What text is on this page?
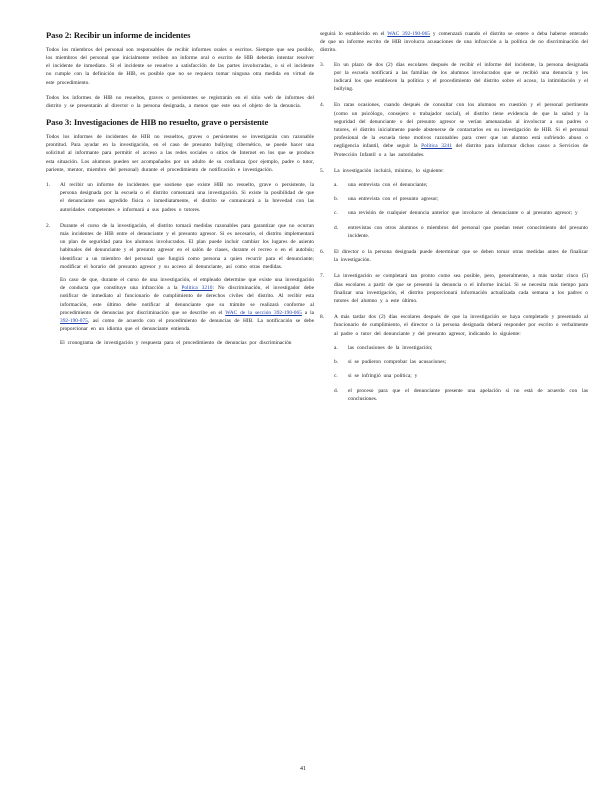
Paso 2: Recibir un informe de incidentes

Todos los miembros del personal son responsables de recibir informes orales o escritos. Siempre que sea posible, los miembros del personal que inicialmente reciben un informe oral o escrito de HIB deberán intentar resolver el incidente de inmediato. Si el incidente se resuelve a satisfacción de las partes involucradas, o si el incidente no cumple con la definición de HIB, es posible que no se requiera tomar ninguna otra medida en virtud de este procedimiento.

Todos los informes de HIB no resueltos, graves o persistentes se registrarán en el sitio web de informes del distrito y se presentarán al director o la persona designada, a menos que este sea el objeto de la denuncia.

Paso 3: Investigaciones de HIB no resuelto, grave o persistente

Todos los informes de incidentes de HIB no resueltos, graves o persistentes se investigarán con razonable prontitud. Para ayudar en la investigación, en el caso de presunto bullying cibernético, se puede hacer una solicitud al informante para permitir el acceso a las redes sociales o sitios de Internet en los que se produce esta situación. Los alumnos pueden ser acompañados por un adulto de su confianza (por ejemplo, padre o tutor, pariente, mentor, miembro del personal) durante el procedimiento de notificación e investigación.

1. Al recibir un informe de incidentes que sostiene que existe HIB no resuelto, grave o persistente, la persona designada por la escuela o el distrito comenzará una investigación. Si existe la posibilidad de que el denunciante sea agredido física o inmediatamente, el distrito se comunicará a la brevedad con las autoridades competentes e informará a sus padres o tutores.
2. Durante el curso de la investigación, el distrito tomará medidas razonables para garantizar que no ocurran más incidentes de HIB entre el denunciante y el presunto agresor. Si es necesario, el distrito implementará un plan de seguridad para los alumnos involucrados. El plan puede incluir cambiar los lugares de asiento habituales del denunciante y el presunto agresor en el salón de clases, durante el recreo o en el autobús; identificar a un miembro del personal que fungirá como persona a quien recurrir para el denunciante; modificar el horario del presunto agresor y su acceso al denunciante, así como otras medidas.

En caso de que, durante el curso de una investigación, el empleado determine que existe una investigación de conducta que constituye una infracción a la Política 3210: No discriminación, el investigador debe notificar de inmediato al funcionario de cumplimiento de derechos civiles del distrito. Al recibir esta información, este último debe notificar al denunciante que su trámite se realizará conforme al procedimiento de denuncias por discriminación que se describe en el WAC de la sección 392-190-065 a la 392-190-075, así como de acuerdo con el procedimiento de denuncias de HIB. La notificación se debe proporcionar en un idioma que el denunciante entienda.

El cronograma de investigación y respuesta para el procedimiento de denuncias por discriminación

seguirá lo establecido en el WAC 392-190-065 y comenzará cuando el distrito se entere o deba haberse enterado de que un informe escrito de HIB involucra acusaciones de una infracción a la política de no discriminación del distrito.

3. En un plazo de dos (2) días escolares después de recibir el informe del incidente, la persona designada por la escuela notificará a las familias de los alumnos involucrados que se recibió una denuncia y les indicará los que establecen la política y el procedimiento del distrito sobre el acoso, la intimidación y el bullying.
4. En raras ocasiones, cuando después de consultar con los alumnos en cuestión y el personal pertinente (como un psicólogo, consejero o trabajador social), el distrito tiene evidencia de que la salud y la seguridad del denunciante o del presunto agresor se verían amenazadas al involucrar a sus padres o tutores, el distrito inicialmente puede abstenerse de contactarlos en su investigación de HIB. Si el personal profesional de la escuela tiene motivos razonables para creer que un alumno está sufriendo abuso o negligencia infantil, debe seguir la Política 3241 del distrito para informar dichos casos a Servicios de Protección Infantil o a las autoridades.
5. La investigación incluirá, mínimo, lo siguiente:
a. una entrevista con el denunciante;
b. una entrevista con el presunto agresor;
c. una revisión de cualquier denuncia anterior que involucre al denunciante o al presunto agresor; y
d. entrevistas con otros alumnos o miembros del personal que puedan tener conocimiento del presunto incidente.
6. El director o la persona designada puede determinar que se deben tomar otras medidas antes de finalizar la investigación.
7. La investigación se completará tan pronto como sea posible, pero, generalmente, a más tardar cinco (5) días escolares a partir de que se presentó la denuncia o el informe inicial. Si se necesita más tiempo para finalizar una investigación, el distrito proporcionará información actualizada cada semana a los padres o tutores del alumno y a este último.
8. A más tardar dos (2) días escolares después de que la investigación se haya completado y presentado al funcionario de cumplimiento, el director o la persona designada deberá responder por escrito o verbalmente al padre o tutor del denunciante y del presunto agresor, indicando lo siguiente:
a. las conclusiones de la investigación;
b. si se pudieron comprobar las acusaciones;
c. si se infringió una política; y
d. el proceso para que el denunciante presente una apelación si no está de acuerdo con las conclusiones.
41
